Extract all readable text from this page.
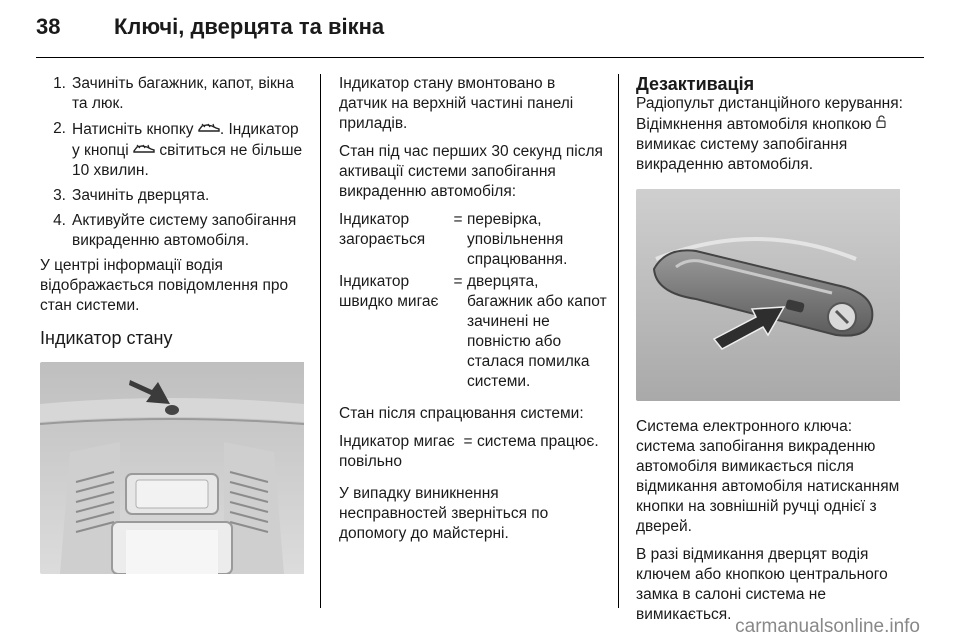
38	Ключі, дверцята та вікна
1. Зачиніть багажник, капот, вікна та люк.
2. Натисніть кнопку . Індикатор у кнопці  світиться не більше 10 хвилин.
3. Зачиніть дверцята.
4. Активуйте систему запобігання викраденню автомобіля.

У центрі інформації водія відображається повідомлення про стан системи.

Індикатор стану

Індикатор стану вмонтовано в датчик на верхній частині панелі приладів.

Стан під час перших 30 секунд після активації системи запобігання викраденню автомобіля:

Індикатор загорається
= перевірка, уповільнення спрацювання.
Індикатор швидко мигає
= дверцята, багажник або капот зачинені не повністю або сталася помилка системи.

Стан після спрацювання системи:

Індикатор мигає повільно
= система працює.

У випадку виникнення несправностей зверніться по допомогу до майстерні.

Дезактивація

Радіопульт дистанційного керування: Відімкнення автомобіля кнопкою  вимикає систему запобігання викраденню автомобіля.

Система електронного ключа: система запобігання викраденню автомобіля вимикається після відмикання автомобіля натисканням кнопки на зовнішній ручці однієї з дверей.

В разі відмикання дверцят водія ключем або кнопкою центрального замка в салоні система не вимикається.

carmanualsonline.info
